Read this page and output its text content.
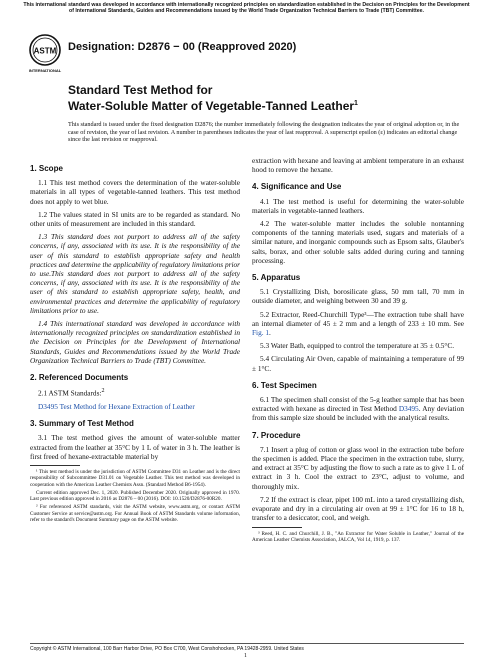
This international standard was developed in accordance with internationally recognized principles on standardization established in the Decision on Principles for the Development of International Standards, Guides and Recommendations issued by the World Trade Organization Technical Barriers to Trade (TBT) Committee.
ASTM
INTERNATIONAL
Designation: D2876 − 00 (Reapproved 2020)
Standard Test Method for
Water-Soluble Matter of Vegetable-Tanned Leather$^1$
This standard is issued under the fixed designation D2876; the number immediately following the designation indicates the year of original adoption or, in the case of revision, the year of last revision. A number in parentheses indicates the year of last reapproval. A superscript epsilon (ε) indicates an editorial change since the last revision or reapproval.
1. Scope

1.1 This test method covers the determination of the water-soluble materials in all types of vegetable-tanned leathers. This test method does not apply to wet blue.

1.2 The values stated in SI units are to be regarded as standard. No other units of measurement are included in this standard.

1.3 This standard does not purport to address all of the safety concerns, if any, associated with its use. It is the responsibility of the user of this standard to establish appropriate safety and health practices and determine the applicability of regulatory limitations prior to use.This standard does not purport to address all of the safety concerns, if any, associated with its use. It is the responsibility of the user of this standard to establish appropriate safety, health, and environmental practices and determine the applicability of regulatory limitations prior to use.

1.4 This international standard was developed in accordance with internationally recognized principles on standardization established in the Decision on Principles for the Development of International Standards, Guides and Recommendations issued by the World Trade Organization Technical Barriers to Trade (TBT) Committee.

2. Referenced Documents

2.1 ASTM Standards:$^2$

D3495 Test Method for Hexane Extraction of Leather
3. Summary of Test Method

3.1 The test method gives the amount of water-soluble matter extracted from the leather at 35°C by 1 L of water in 3 h. The leather is first freed of hexane-extractable material by

¹ This test method is under the jurisdiction of ASTM Committee D31 on Leather and is the direct responsibility of Subcommittee D31.01 on Vegetable Leather. This test method was developed in cooperation with the American Leather Chemists Assn. (Standard Method B6-1954).
Current edition approved Dec. 1, 2020. Published December 2020. Originally approved in 1970. Last previous edition approved in 2016 as D2876 – 00 (2016). DOI: 10.1520/D2876-00R20.
² For referenced ASTM standards, visit the ASTM website, www.astm.org, or contact ASTM Customer Service at service@astm.org. For Annual Book of ASTM Standards volume information, refer to the standard's Document Summary page on the ASTM website.

extraction with hexane and leaving at ambient temperature in an exhaust hood to remove the hexane.

4. Significance and Use

4.1 The test method is useful for determining the water-soluble materials in vegetable-tanned leathers.

4.2 The water-soluble matter includes the soluble nontanning components of the tanning materials used, sugars and materials of a similar nature, and inorganic compounds such as Epsom salts, Glauber's salts, borax, and other soluble salts added during curing and tanning processing.

5. Apparatus

5.1 Crystallizing Dish, borosilicate glass, 50 mm tall, 70 mm in outside diameter, and weighing between 30 and 39 g.

5.2 Extractor, Reed-Churchill Type³—The extraction tube shall have an internal diameter of 45 ± 2 mm and a length of 233 ± 10 mm. See Fig. 1.

5.3 Water Bath, equipped to control the temperature at 35 ± 0.5°C.

5.4 Circulating Air Oven, capable of maintaining a temperature of 99 ± 1°C.

6. Test Specimen

6.1 The specimen shall consist of the 5-g leather sample that has been extracted with hexane as directed in Test Method D3495. Any deviation from this sample size should be included with the analytical results.

7. Procedure

7.1 Insert a plug of cotton or glass wool in the extraction tube before the specimen is added. Place the specimen in the extraction tube, slurry, and extract at 35°C by adjusting the flow to such a rate as to give 1 L of extract in 3 h. Cool the extract to 23°C, adjust to volume, and thoroughly mix.

7.2 If the extract is clear, pipet 100 mL into a tared crystallizing dish, evaporate and dry in a circulating air oven at 99 ± 1°C for 16 to 18 h, transfer to a desiccator, cool, and weigh.

³ Reed, H. C. and Churchill, J. B., "An Extractor for Water Soluble in Leather," Journal of the American Leather Chemists Association, JALCA, Vol 14, 1919, p. 137.
Copyright © ASTM International, 100 Barr Harbor Drive, PO Box C700, West Conshohocken, PA 19428-2959. United States
1
